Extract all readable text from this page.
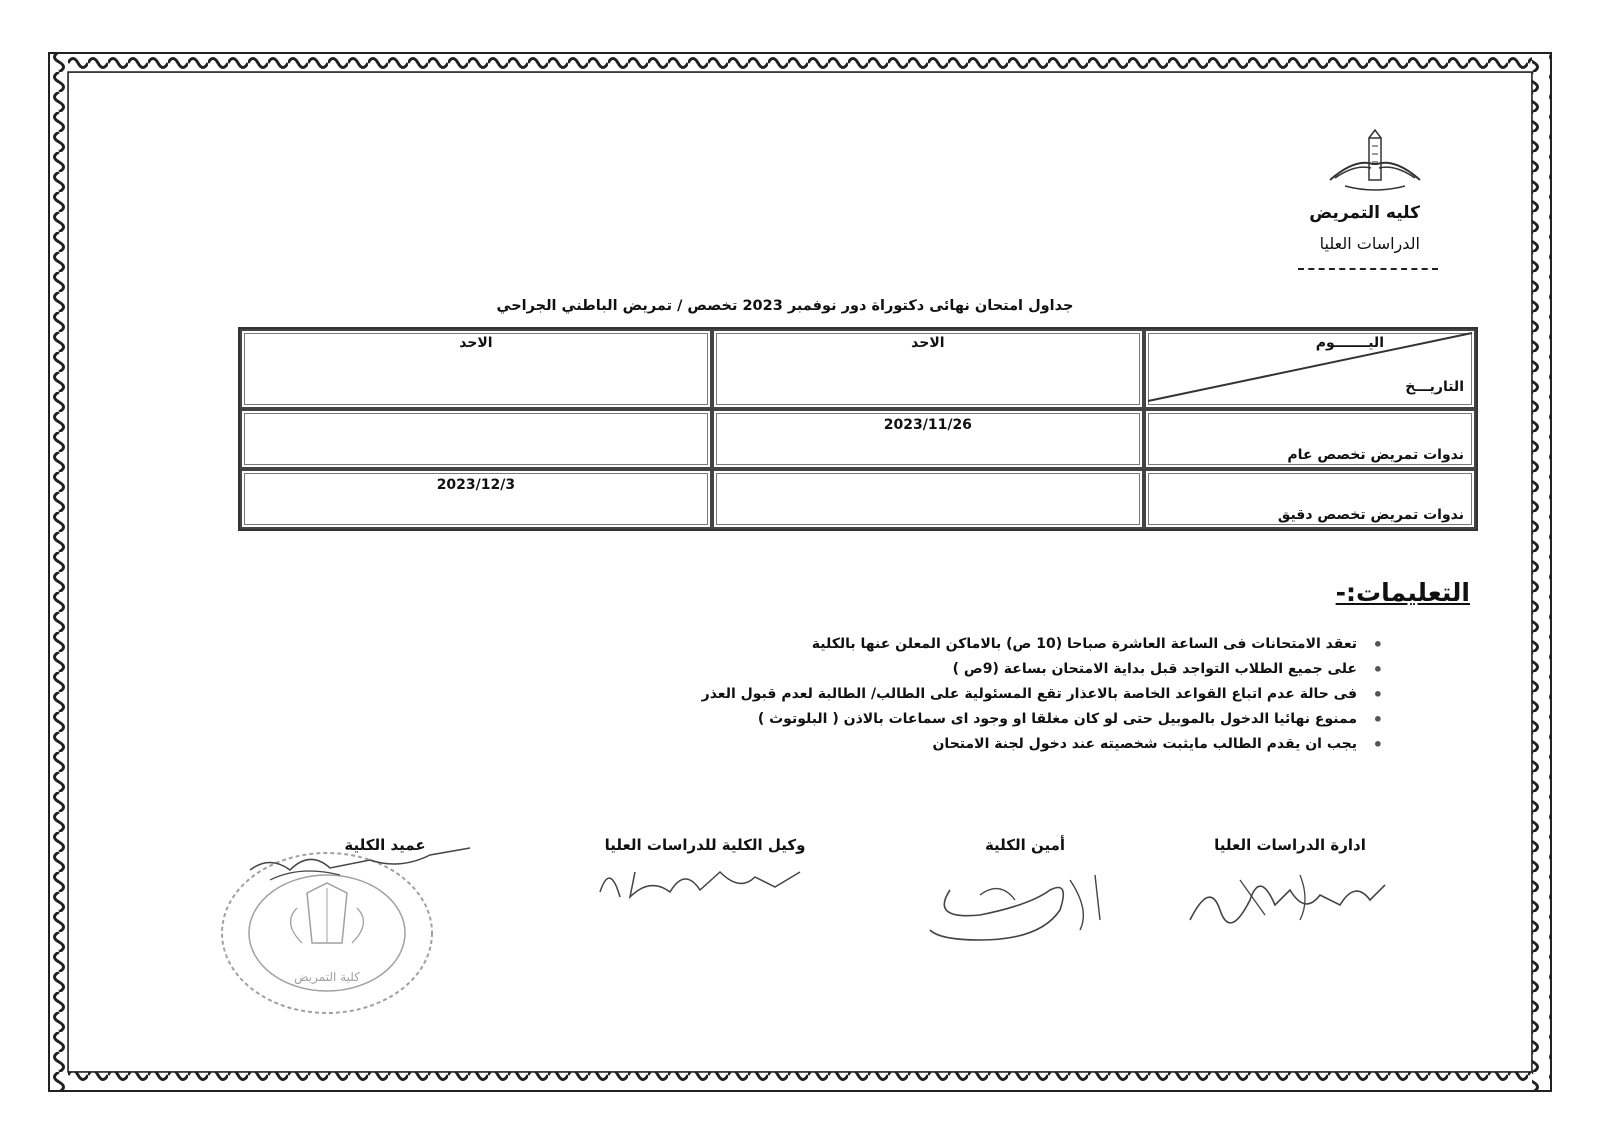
كليه التمريض
الدراسات العليا
جداول امتحان نهائى دكتوراة دور نوفمبر 2023 تخصص / تمريض الباطني الجراحي
اليـــــــوم
التاريـــخ	الاحد	الاحد

ندوات تمريض تخصص عام	2023/11/26	

ندوات تمريض تخصص دقيق		2023/12/3
التعليمات:-
• تعقد الامتحانات فى الساعة العاشرة صباحا (10 ص) بالاماكن المعلن عنها بالكلية
• على جميع الطلاب التواجد قبل بداية الامتحان بساعة (9ص )
• فى حالة عدم اتباع القواعد الخاصة بالاعذار تقع المسئولية على الطالب/ الطالبة لعدم قبول العذر
• ممنوع نهائيا الدخول بالموبيل حتى لو كان مغلقا او وجود اى سماعات بالاذن ( البلوتوث )
• يجب ان يقدم الطالب مايثبت شخصيته عند دخول لجنة الامتحان
ادارة الدراسات العليا
أمين الكلية
وكيل الكلية للدراسات العليا
عميد الكلية
كلية التمريض
